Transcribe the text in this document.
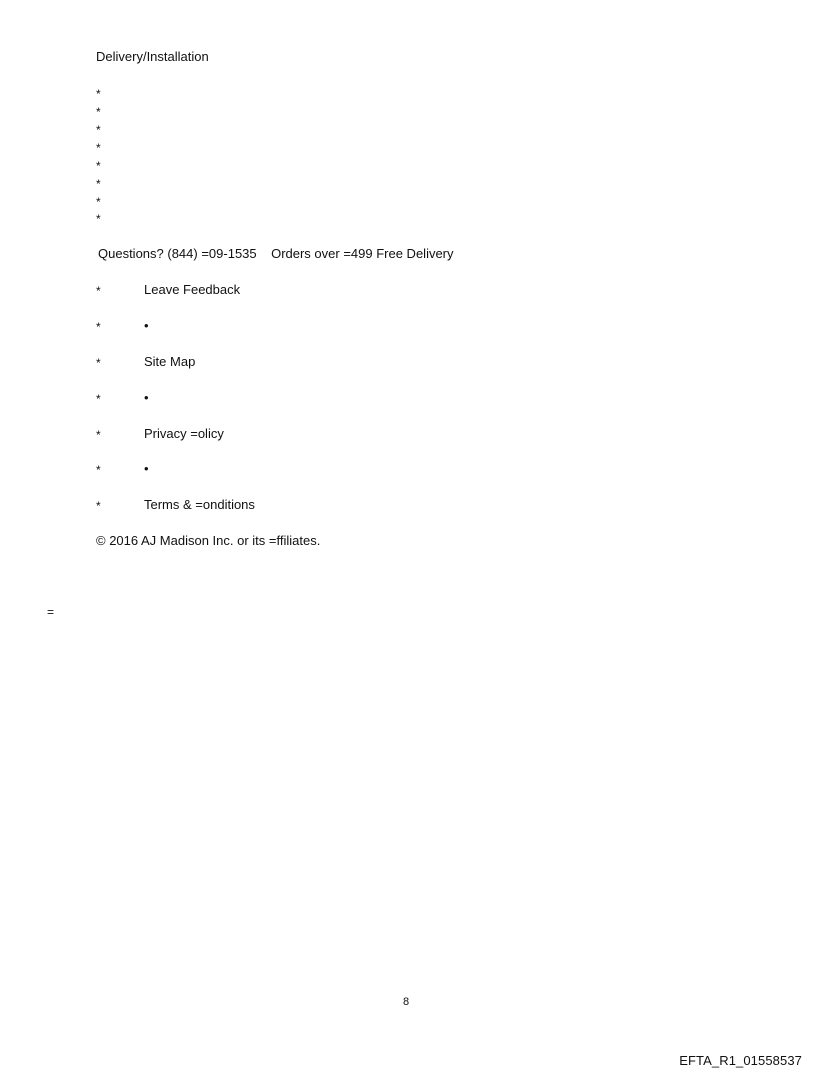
Delivery/Installation
*
*
*
*
*
*
*
*
Questions? (844) =09-1535    Orders over =499 Free Delivery
*	Leave Feedback
*	•
*	Site Map
*	•
*	Privacy =olicy
*	•
*	Terms & =onditions
© 2016 AJ Madison Inc. or its =ffiliates.
=
8
EFTA_R1_01558537
